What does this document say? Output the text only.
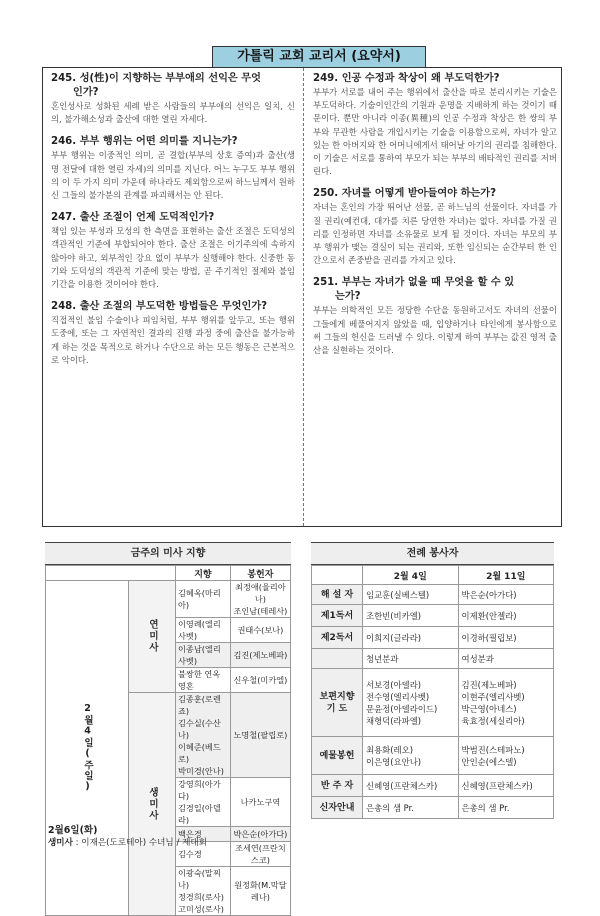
가톨릭 교회 교리서 (요약서)
245. 성(性)이 지향하는 부부애의 선익은 무엇
인가?
혼인성사로 성화된 세례 받은 사람들의 부부애의 선익은 일치, 신의, 불가해소성과 출산에 대한 열린 자세다.
246. 부부 행위는 어떤 의미를 지니는가?
부부 행위는 이중적인 의미, 곧 결합(부부의 상호 증여)과 출산(생명 전달에 대한 열린 자세)의 의미를 지닌다. 어느 누구도 부부 행위의 이 두 가지 의미 가운데 하나라도 제외함으로써 하느님께서 원하신 그들의 불가분의 관계를 파괴해서는 안 된다.
247. 출산 조절이 언제 도덕적인가?
책임 있는 부성과 모성의 한 측면을 표현하는 출산 조절은 도덕성의 객관적인 기준에 부합되어야 한다. 출산 조절은 이기주의에 속하지 않아야 하고, 외부적인 강요 없이 부부가 실행해야 한다. 신중한 동기와 도덕성의 객관적 기준에 맞는 방법, 곧 주기적인 절제와 불임 기간을 이용한 것이어야 한다.
248. 출산 조절의 부도덕한 방법들은 무엇인가?
직접적인 불임 수술이나 피임처럼, 부부 행위를 앞두고, 또는 행위 도중에, 또는 그 자연적인 결과의 진행 과정 중에 출산을 불가능하게 하는 것을 목적으로 하거나 수단으로 하는 모든 행동은 근본적으로 악이다.
249. 인공 수정과 착상이 왜 부도덕한가?
부부가 서로를 내어 주는 행위에서 출산을 따로 분리시키는 기술은 부도덕하다. 기술이인간의 기원과 운명을 지배하게 하는 것이기 때문이다. 뿐만 아니라 이종(異種)의 인공 수정과 착상은 한 쌍의 부부와 무관한 사람을 개입시키는 기술을 이용함으로써, 자녀가 알고 있는 한 아버지와 한 어머니에게서 태어날 아기의 권리를 침해한다. 이 기술은 서로를 통하여 부모가 되는 부부의 배타적인 권리를 저버린다.
250. 자녀를 어떻게 받아들여야 하는가?
자녀는 혼인의 가장 뛰어난 선물, 곧 하느님의 선물이다. 자녀를 가질 권리(예컨대, 대가를 치른 당연한 자녀)는 없다. 자녀를 가질 권리를 인정하면 자녀를 소유물로 보게 될 것이다. 자녀는 부모의 부부 행위가 맺는 결실이 되는 권리와, 또한 임신되는 순간부터 한 인간으로서 존중받을 권리를 가지고 있다.
251. 부부는 자녀가 없을 때 무엇을 할 수 있
는가?
부부는 의학적인 모든 정당한 수단을 동원하고서도 자녀의 선물이 그들에게 베풀어지지 않았을 때, 입양하거나 타인에게 봉사함으로써 그들의 헌신을 드러낼 수 있다. 이렇게 하여 부부는 값진 영적 출산을 실현하는 것이다.
금주의 미사 지향
		지향	봉헌자
2월4일(주일)	연미사	김혜옥(마리아)	최정애(율리아나)
조인남(테레사)
		이영례(엘리사벳)	권태수(보나)
		이종남(엘리사벳)	김진(제노베파)
		불쌍한 연옥 영혼	신우철(미카엘)
	생미사	김종훈(로렌죠)
김수실(수산나)
이혜준(베드로)
박미경(안나)	노명철(팔립로)
		강영희(아가다)
김경일(아델라)	나카노구역
		백은경	박은순(아가다)
		김수경	조세연(프란치스코)
		이광숙(말찌나)
정경희(로사)
고미성(로사)	원정화(M.막달레나)
2월6일(화)
생미사 : 이재은(도로테아) 수녀님 / 제대회
전례 봉사자
	2월 4일	2월 11일
해 설 자	임교훈(실베스텔)	박은순(아가다)
제1독서	조한빈(비카엘)	이제환(안젤라)
제2독서	이희지(글라라)	이경하(필립보)
	청년분과	여성분과
보편지향
기 도	서보경(아델라)
전수영(엘리사벳)
문윤정(아델라이드)
채형덕(라파엘)	김진(제노베파)
이현주(엘리사벳)
박근영(아네스)
육효정(세실리아)
예물봉헌	최용화(레오)
이은영(요안나)	박범진(스테파노)
안인순(에스델)
반 주 자	신혜영(프란체스카)	신혜영(프란체스카)
신자안내	은총의 샘 Pr.	은총의 샘 Pr.
